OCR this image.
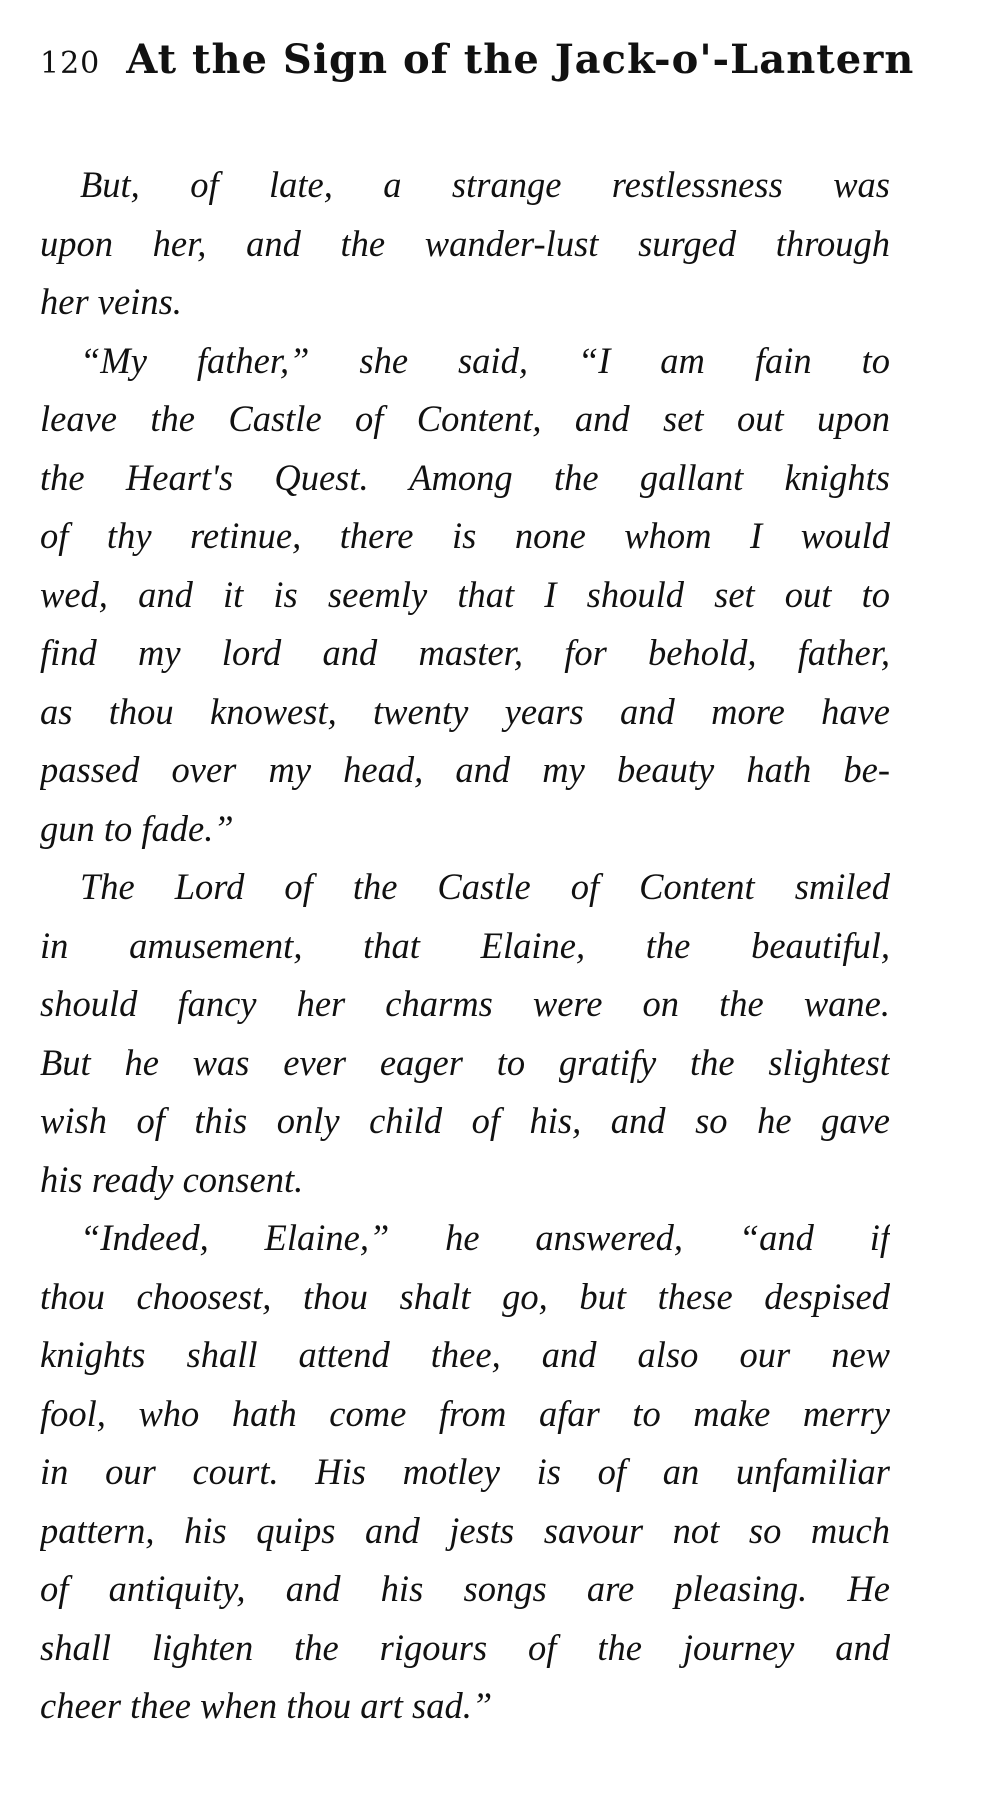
120 At the Sign of the Jack-o'-Lantern
But, of late, a strange restlessness was
upon her, and the wander-lust surged through
her veins.
“My father,” she said, “I am fain to
leave the Castle of Content, and set out upon
the Heart's Quest. Among the gallant knights
of thy retinue, there is none whom I would
wed, and it is seemly that I should set out to
find my lord and master, for behold, father,
as thou knowest, twenty years and more have
passed over my head, and my beauty hath be-
gun to fade.”
The Lord of the Castle of Content smiled
in amusement, that Elaine, the beautiful,
should fancy her charms were on the wane.
But he was ever eager to gratify the slightest
wish of this only child of his, and so he gave
his ready consent.
“Indeed, Elaine,” he answered, “and if
thou choosest, thou shalt go, but these despised
knights shall attend thee, and also our new
fool, who hath come from afar to make merry
in our court. His motley is of an unfamiliar
pattern, his quips and jests savour not so much
of antiquity, and his songs are pleasing. He
shall lighten the rigours of the journey and
cheer thee when thou art sad.”
